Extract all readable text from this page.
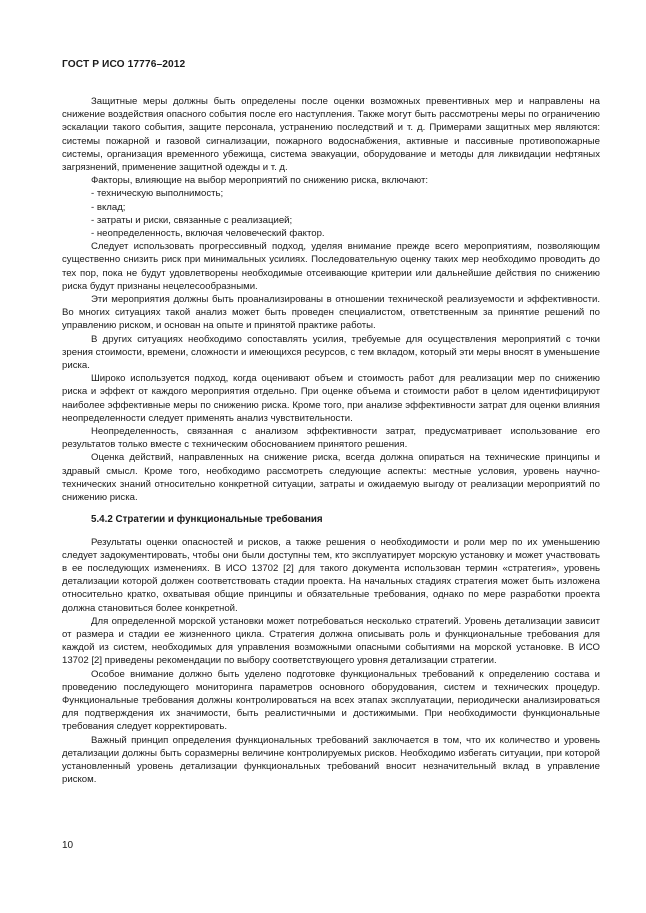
ГОСТ Р ИСО 17776–2012

Защитные меры должны быть определены после оценки возможных превентивных мер и направлены на снижение воздействия опасного события после его наступления. Также могут быть рассмотрены меры по ограничению эскалации такого события, защите персонала, устранению последствий и т. д. Примерами защитных мер являются: системы пожарной и газовой сигнализации, пожарного водоснабжения, активные и пассивные противопожарные системы, организация временного убежища, система эвакуации, оборудование и методы для ликвидации нефтяных загрязнений, применение защитной одежды и т. д.

Факторы, влияющие на выбор мероприятий по снижению риска, включают:

- техническую выполнимость;

- вклад;

- затраты и риски, связанные с реализацией;

- неопределенность, включая человеческий фактор.

Следует использовать прогрессивный подход, уделяя внимание прежде всего мероприятиям, позволяющим существенно снизить риск при минимальных усилиях. Последовательную оценку таких мер необходимо проводить до тех пор, пока не будут удовлетворены необходимые отсеивающие критерии или дальнейшие действия по снижению риска будут признаны нецелесообразными.

Эти мероприятия должны быть проанализированы в отношении технической реализуемости и эффективности. Во многих ситуациях такой анализ может быть проведен специалистом, ответственным за принятие решений по управлению риском, и основан на опыте и принятой практике работы.

В других ситуациях необходимо сопоставлять усилия, требуемые для осуществления мероприятий с точки зрения стоимости, времени, сложности и имеющихся ресурсов, с тем вкладом, который эти меры вносят в уменьшение риска.

Широко используется подход, когда оценивают объем и стоимость работ для реализации мер по снижению риска и эффект от каждого мероприятия отдельно. При оценке объема и стоимости работ в целом идентифицируют наиболее эффективные меры по снижению риска. Кроме того, при анализе эффективности затрат для оценки влияния неопределенности следует применять анализ чувствительности.

Неопределенность, связанная с анализом эффективности затрат, предусматривает использование его результатов только вместе с техническим обоснованием принятого решения.

Оценка действий, направленных на снижение риска, всегда должна опираться на технические принципы и здравый смысл. Кроме того, необходимо рассмотреть следующие аспекты: местные условия, уровень научно-технических знаний относительно конкретной ситуации, затраты и ожидаемую выгоду от реализации мероприятий по снижению риска.

5.4.2 Стратегии и функциональные требования

Результаты оценки опасностей и рисков, а также решения о необходимости и роли мер по их уменьшению следует задокументировать, чтобы они были доступны тем, кто эксплуатирует морскую установку и может участвовать в ее последующих изменениях. В ИСО 13702 [2] для такого документа использован термин «стратегия», уровень детализации которой должен соответствовать стадии проекта. На начальных стадиях стратегия может быть изложена относительно кратко, охватывая общие принципы и обязательные требования, однако по мере разработки проекта должна становиться более конкретной.

Для определенной морской установки может потребоваться несколько стратегий. Уровень детализации зависит от размера и стадии ее жизненного цикла. Стратегия должна описывать роль и функциональные требования для каждой из систем, необходимых для управления возможными опасными событиями на морской установке. В ИСО 13702 [2] приведены рекомендации по выбору соответствующего уровня детализации стратегии.

Особое внимание должно быть уделено подготовке функциональных требований к определению состава и проведению последующего мониторинга параметров основного оборудования, систем и технических процедур. Функциональные требования должны контролироваться на всех этапах эксплуатации, периодически анализироваться для подтверждения их значимости, быть реалистичными и достижимыми. При необходимости функциональные требования следует корректировать.

Важный принцип определения функциональных требований заключается в том, что их количество и уровень детализации должны быть соразмерны величине контролируемых рисков. Необходимо избегать ситуации, при которой установленный уровень детализации функциональных требований вносит незначительный вклад в управление риском.

10
